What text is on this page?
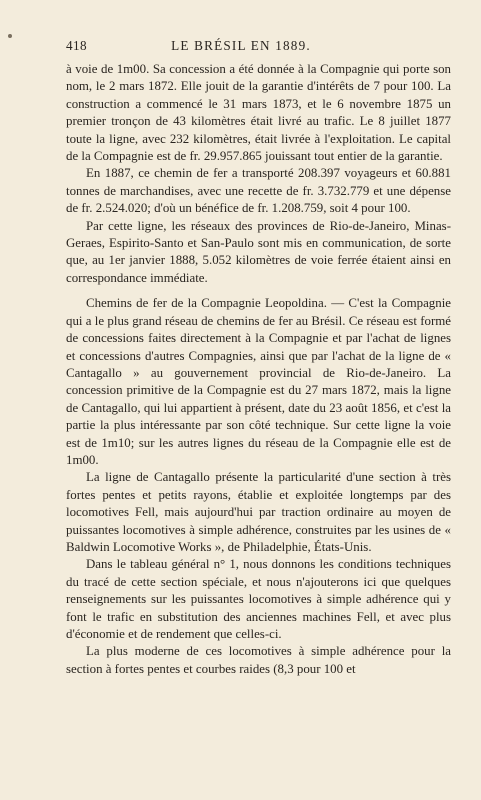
418	LE BRÉSIL EN 1889.

à voie de 1m00. Sa concession a été donnée à la Compagnie qui porte son nom, le 2 mars 1872. Elle jouit de la garantie d'intérêts de 7 pour 100. La construction a commencé le 31 mars 1873, et le 6 novembre 1875 un premier tronçon de 43 kilomètres était livré au trafic. Le 8 juillet 1877 toute la ligne, avec 232 kilomètres, était livrée à l'exploitation. Le capital de la Compagnie est de fr. 29.957.865 jouissant tout entier de la garantie.

En 1887, ce chemin de fer a transporté 208.397 voyageurs et 60.881 tonnes de marchandises, avec une recette de fr. 3.732.779 et une dépense de fr. 2.524.020; d'où un bénéfice de fr. 1.208.759, soit 4 pour 100.

Par cette ligne, les réseaux des provinces de Rio-de-Janeiro, Minas-Geraes, Espirito-Santo et San-Paulo sont mis en communication, de sorte que, au 1er janvier 1888, 5.052 kilomètres de voie ferrée étaient ainsi en correspondance immédiate.

Chemins de fer de la Compagnie Leopoldina. — C'est la Compagnie qui a le plus grand réseau de chemins de fer au Brésil. Ce réseau est formé de concessions faites directement à la Compagnie et par l'achat de lignes et concessions d'autres Compagnies, ainsi que par l'achat de la ligne de « Cantagallo » au gouvernement provincial de Rio-de-Janeiro. La concession primitive de la Compagnie est du 27 mars 1872, mais la ligne de Cantagallo, qui lui appartient à présent, date du 23 août 1856, et c'est la partie la plus intéressante par son côté technique. Sur cette ligne la voie est de 1m10; sur les autres lignes du réseau de la Compagnie elle est de 1m00.

La ligne de Cantagallo présente la particularité d'une section à très fortes pentes et petits rayons, établie et exploitée longtemps par des locomotives Fell, mais aujourd'hui par traction ordinaire au moyen de puissantes locomotives à simple adhérence, construites par les usines de « Baldwin Locomotive Works », de Philadelphie, États-Unis.

Dans le tableau général n° 1, nous donnons les conditions techniques du tracé de cette section spéciale, et nous n'ajouterons ici que quelques renseignements sur les puissantes locomotives à simple adhérence qui y font le trafic en substitution des anciennes machines Fell, et avec plus d'économie et de rendement que celles-ci.

La plus moderne de ces locomotives à simple adhérence pour la section à fortes pentes et courbes raides (8,3 pour 100 et
